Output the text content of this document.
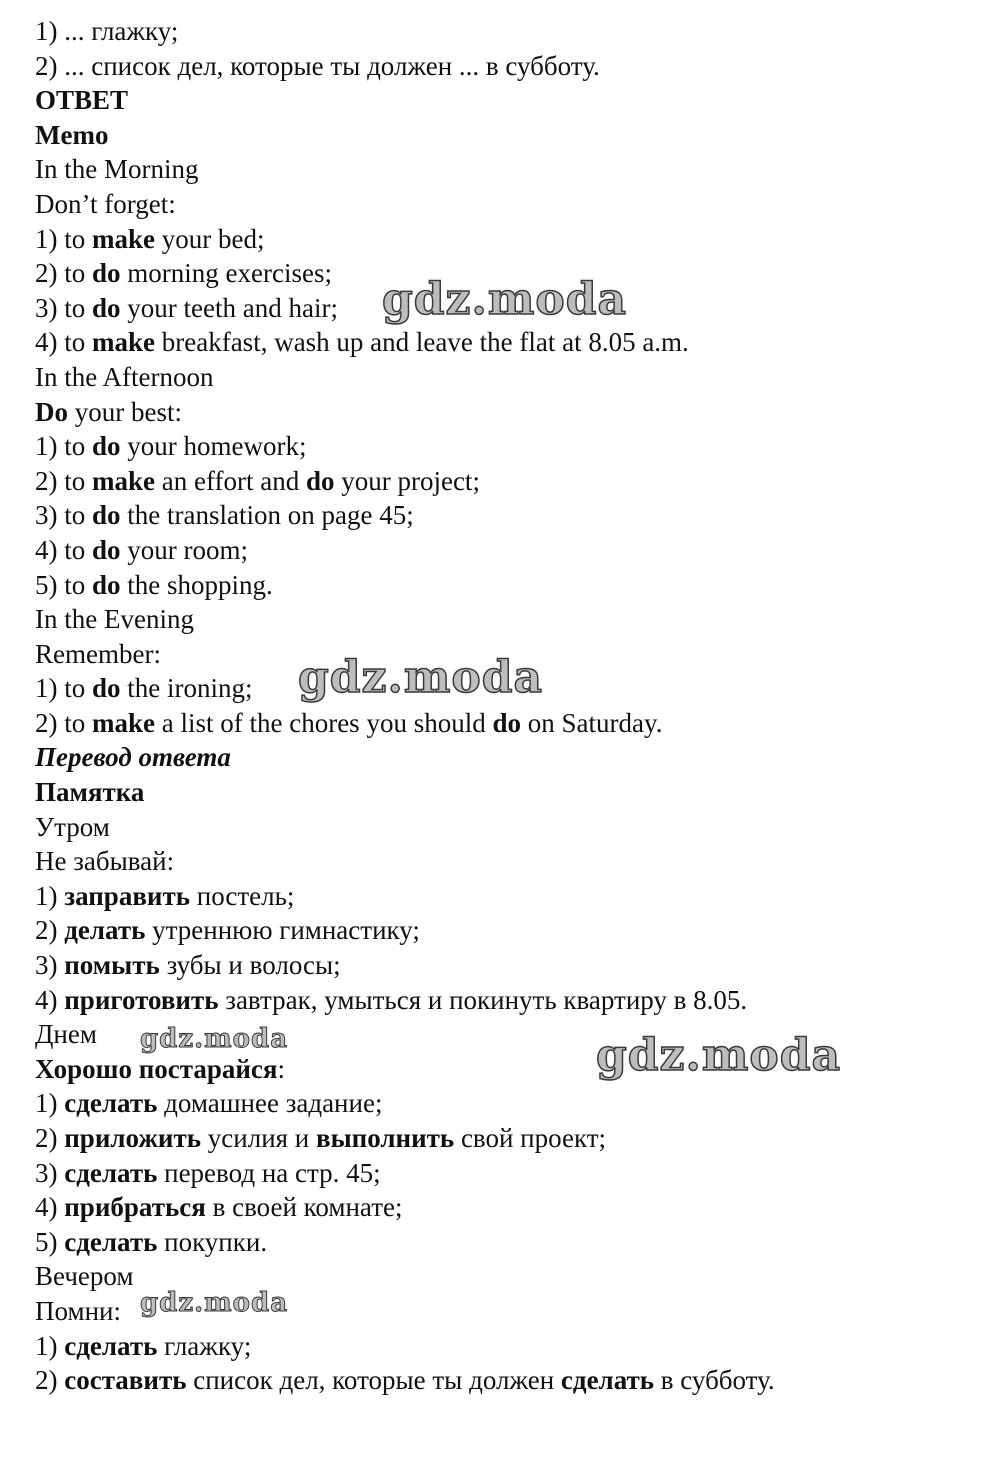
1) ... глажку;
2) ... список дел, которые ты должен ... в субботу.
ОТВЕТ
Memo
In the Morning
Don’t forget:
1) to make your bed;
2) to do morning exercises;
3) to do your teeth and hair;
4) to make breakfast, wash up and leave the flat at 8.05 a.m.
In the Afternoon
Do your best:
1) to do your homework;
2) to make an effort and do your project;
3) to do the translation on page 45;
4) to do your room;
5) to do the shopping.
In the Evening
Remember:
1) to do the ironing;
2) to make a list of the chores you should do on Saturday.
Перевод ответа
Памятка
Утром
Не забывай:
1) заправить постель;
2) делать утреннюю гимнастику;
3) помыть зубы и волосы;
4) приготовить завтрак, умыться и покинуть квартиру в 8.05.
Днем
Хорошо постарайся:
1) сделать домашнее задание;
2) приложить усилия и выполнить свой проект;
3) сделать перевод на стр. 45;
4) прибраться в своей комнате;
5) сделать покупки.
Вечером
Помни:
1) сделать глажку;
2) составить список дел, которые ты должен сделать в субботу.
gdz.moda
gdz.moda
gdz.moda	gdz.moda
gdz.moda
